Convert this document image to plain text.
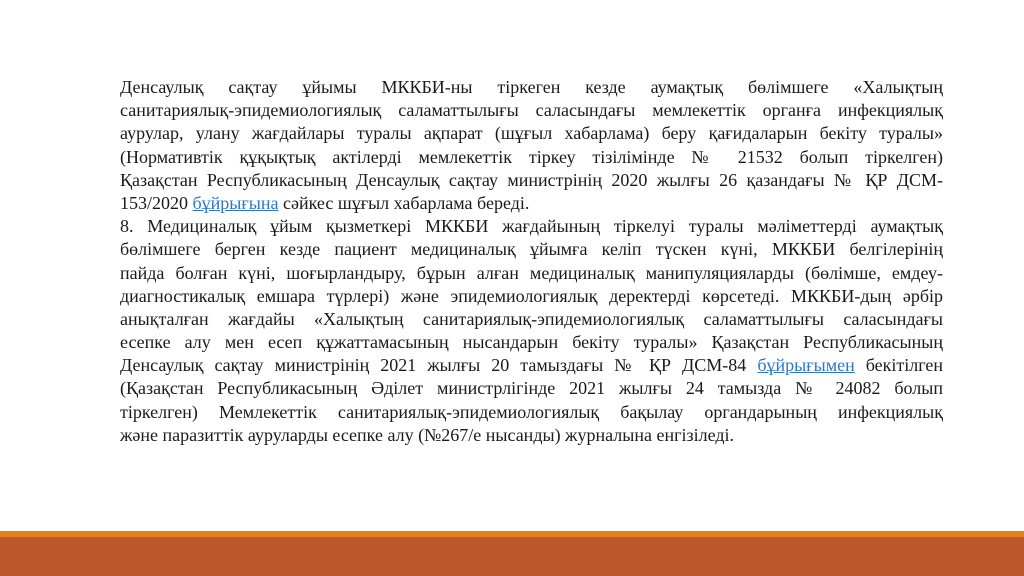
Денсаулық сақтау ұйымы МККБИ-ны тіркеген кезде аумақтық бөлімшеге «Халықтың
санитариялық-эпидемиологиялық саламаттылығы саласындағы мемлекеттік органға инфекциялық
аурулар, улану жағдайлары туралы ақпарат (шұғыл хабарлама) беру қағидаларын бекіту туралы»
(Нормативтік құқықтық актілерді мемлекеттік тіркеу тізілімінде № 21532 болып тіркелген)
Қазақстан Республикасының Денсаулық сақтау министрінің 2020 жылғы 26 қазандағы № ҚР ДСМ-
153/2020 бұйрығына сәйкес шұғыл хабарлама береді.
8. Медициналық ұйым қызметкері МККБИ жағдайының тіркелуі туралы мәліметтерді аумақтық
бөлімшеге берген кезде пациент медициналық ұйымға келіп түскен күні, МККБИ белгілерінің
пайда болған күні, шоғырландыру, бұрын алған медициналық манипуляцияларды (бөлімше, емдеу-
диагностикалық емшара түрлері) және эпидемиологиялық деректерді көрсетеді. МККБИ-дың әрбір
анықталған жағдайы «Халықтың санитариялық-эпидемиологиялық саламаттылығы саласындағы
есепке алу мен есеп құжаттамасының нысандарын бекіту туралы» Қазақстан Республикасының
Денсаулық сақтау министрінің 2021 жылғы 20 тамыздағы № ҚР ДСМ-84 бұйрығымен бекітілген
(Қазақстан Республикасының Әділет министрлігінде 2021 жылғы 24 тамызда № 24082 болып
тіркелген) Мемлекеттік санитариялық-эпидемиологиялық бақылау органдарының инфекциялық
және паразиттік ауруларды есепке алу (№267/е нысанды) журналына енгізіледі.
